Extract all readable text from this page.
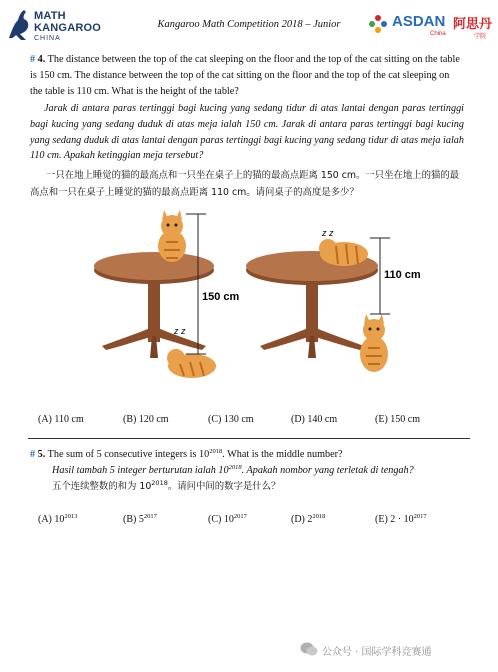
MATH
KANGAROO
CHINA
Kangaroo Math Competition 2018 – Junior	ASDAN 阿思丹
China	学院
# 4. The distance between the top of the cat sleeping on the floor and the top of the cat sitting on the table is 150 cm. The distance between the top of the cat sitting on the floor and the top of the cat sleeping on the table is 110 cm. What is the height of the table?
Jarak di antara paras tertinggi bagi kucing yang sedang tidur di atas lantai dengan paras tertinggi bagi kucing yang sedang duduk di atas meja ialah 150 cm. Jarak di antara paras tertinggi bagi kucing yang sedang duduk di atas lantai dengan paras tertinggi bagi kucing yang sedang tidur di atas meja ialah 110 cm. Apakah ketinggian meja tersebut?
一只在地上睡觉的猫的最高点和一只坐在桌子上的猫的最高点距离 150 cm。一只坐在地上的猫的最高点和一只在桌子上睡觉的猫的最高点距离 110 cm。请问桌子的高度是多少？
z z
150 cm
z z
110 cm
(A) 110 cm	(B) 120 cm	(C) 130 cm	(D) 140 cm	(E) 150 cm
# 5. The sum of 5 consecutive integers is $10^{2018}$. What is the middle number?
Hasil tambah 5 integer berturutan ialah $10^{2018}$. Apakah nombor yang terletak di tengah?
五个连续整数的和为 $10^{2018}$。请问中间的数字是什么？
(A) $10^{2013}$	(B) $5^{2017}$	(C) $10^{2017}$	(D) $2^{2018}$	(E) $2 \cdot 10^{2017}$
公众号 · 国际学科竞赛通
